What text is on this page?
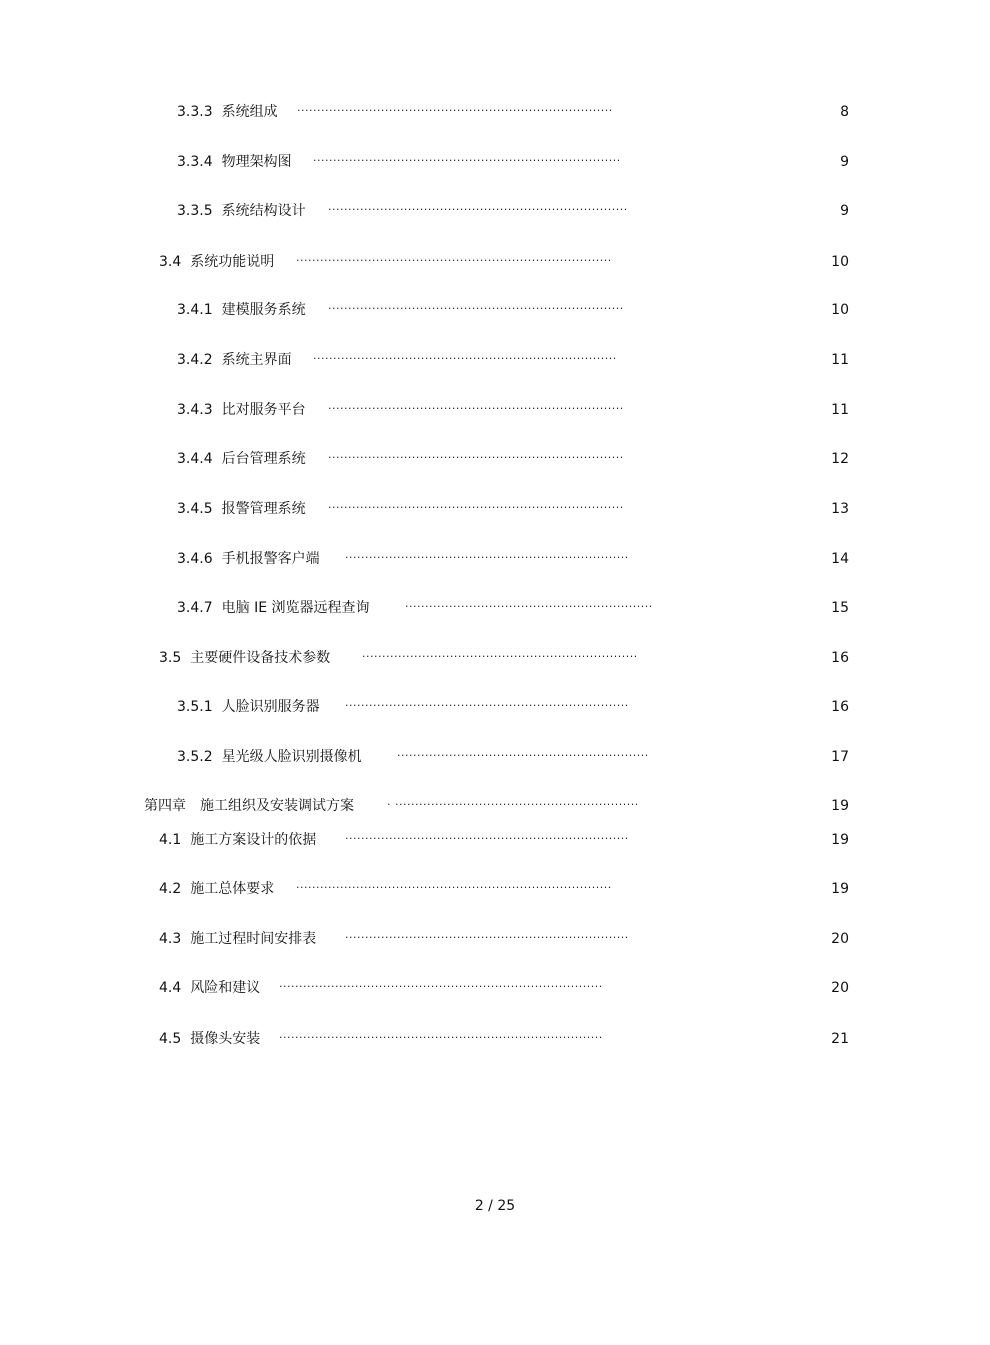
3.3.3 系统组成 ...............................................................................	8
3.3.4 物理架构图 .............................................................................	9
3.3.5 系统结构设计 ...........................................................................	9
3.4 系统功能说明 ...............................................................................	10
3.4.1 建模服务系统 ..........................................................................	10
3.4.2 系统主界面 ............................................................................	11
3.4.3 比对服务平台 ..........................................................................	11
3.4.4 后台管理系统 ..........................................................................	12
3.4.5 报警管理系统 ..........................................................................	13
3.4.6 手机报警客户端 .......................................................................	14
3.4.7 电脑 IE 浏览器远程查询	..............................................................	15
3.5 主要硬件设备技术参数	.....................................................................	16
3.5.1 人脸识别服务器 .......................................................................	16
3.5.2 星光级人脸识别摄像机	...............................................................	17
第四章 施工组织及安装调试方案	. .............................................................	19
4.1 施工方案设计的依据	.......................................................................	19
4.2 施工总体要求 ...............................................................................	19
4.3 施工过程时间安排表	.......................................................................	20
4.4 风险和建议 .................................................................................	20
4.5 摄像头安装 .................................................................................	21
2 / 25
